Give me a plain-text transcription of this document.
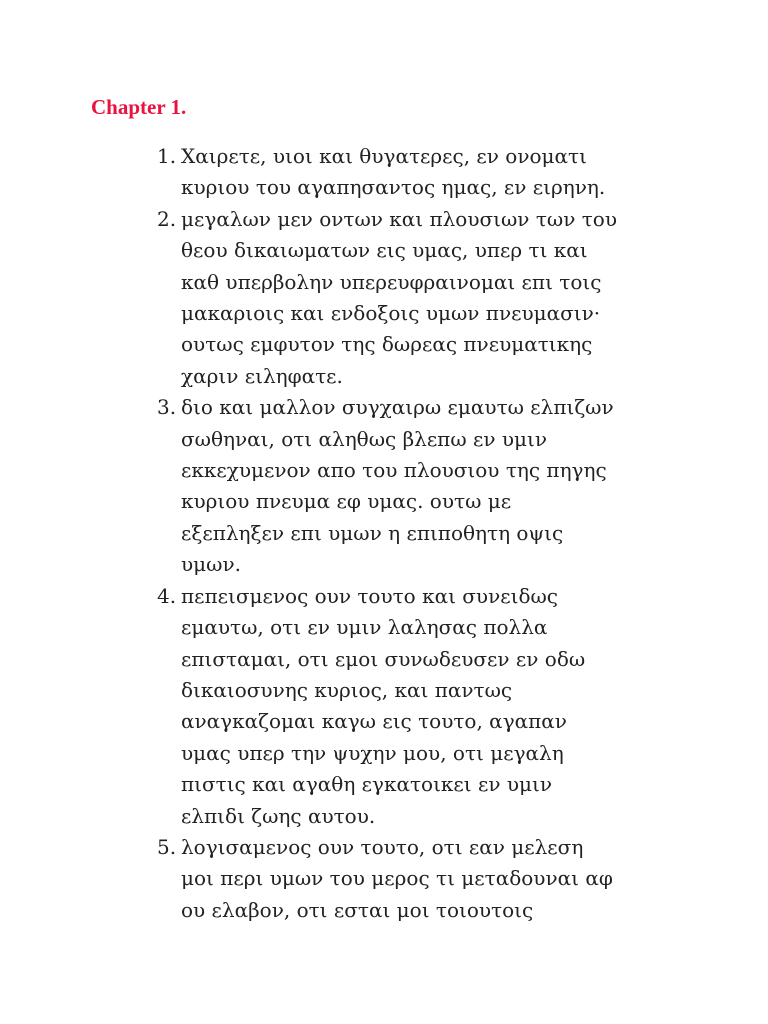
Chapter 1.
1. Χαιρετε, υιοι και θυγατερες, εν ονοματι
κυριου του αγαπησαντος ημας, εν ειρηνη.
2. μεγαλων μεν οντων και πλουσιων των του
θεου δικαιωματων εις υμας, υπερ τι και
καθ υπερβολην υπερευφραινομαι επι τοις
μακαριοις και ενδοξοις υμων πνευμασιν·
ουτως εμφυτον της δωρεας πνευματικης
χαριν ειληφατε.
3. διο και μαλλον συγχαιρω εμαυτω ελπιζων
σωθηναι, οτι αληθως βλεπω εν υμιν
εκκεχυμενον απο του πλουσιου της πηγης
κυριου πνευμα εφ υμας. ουτω με
εξεπληξεν επι υμων η επιποθητη οψις
υμων.
4. πεπεισμενος ουν τουτο και συνειδως
εμαυτω, οτι εν υμιν λαλησας πολλα
επισταμαι, οτι εμοι συνωδευσεν εν οδω
δικαιοσυνης κυριος, και παντως
αναγκαζομαι καγω εις τουτο, αγαπαν
υμας υπερ την ψυχην μου, οτι μεγαλη
πιστις και αγαθη εγκατοικει εν υμιν
ελπιδι ζωης αυτου.
5. λογισαμενος ουν τουτο, οτι εαν μελεση
μοι περι υμων του μερος τι μεταδουναι αφ
ου ελαβον, οτι εσται μοι τοιουτοις
